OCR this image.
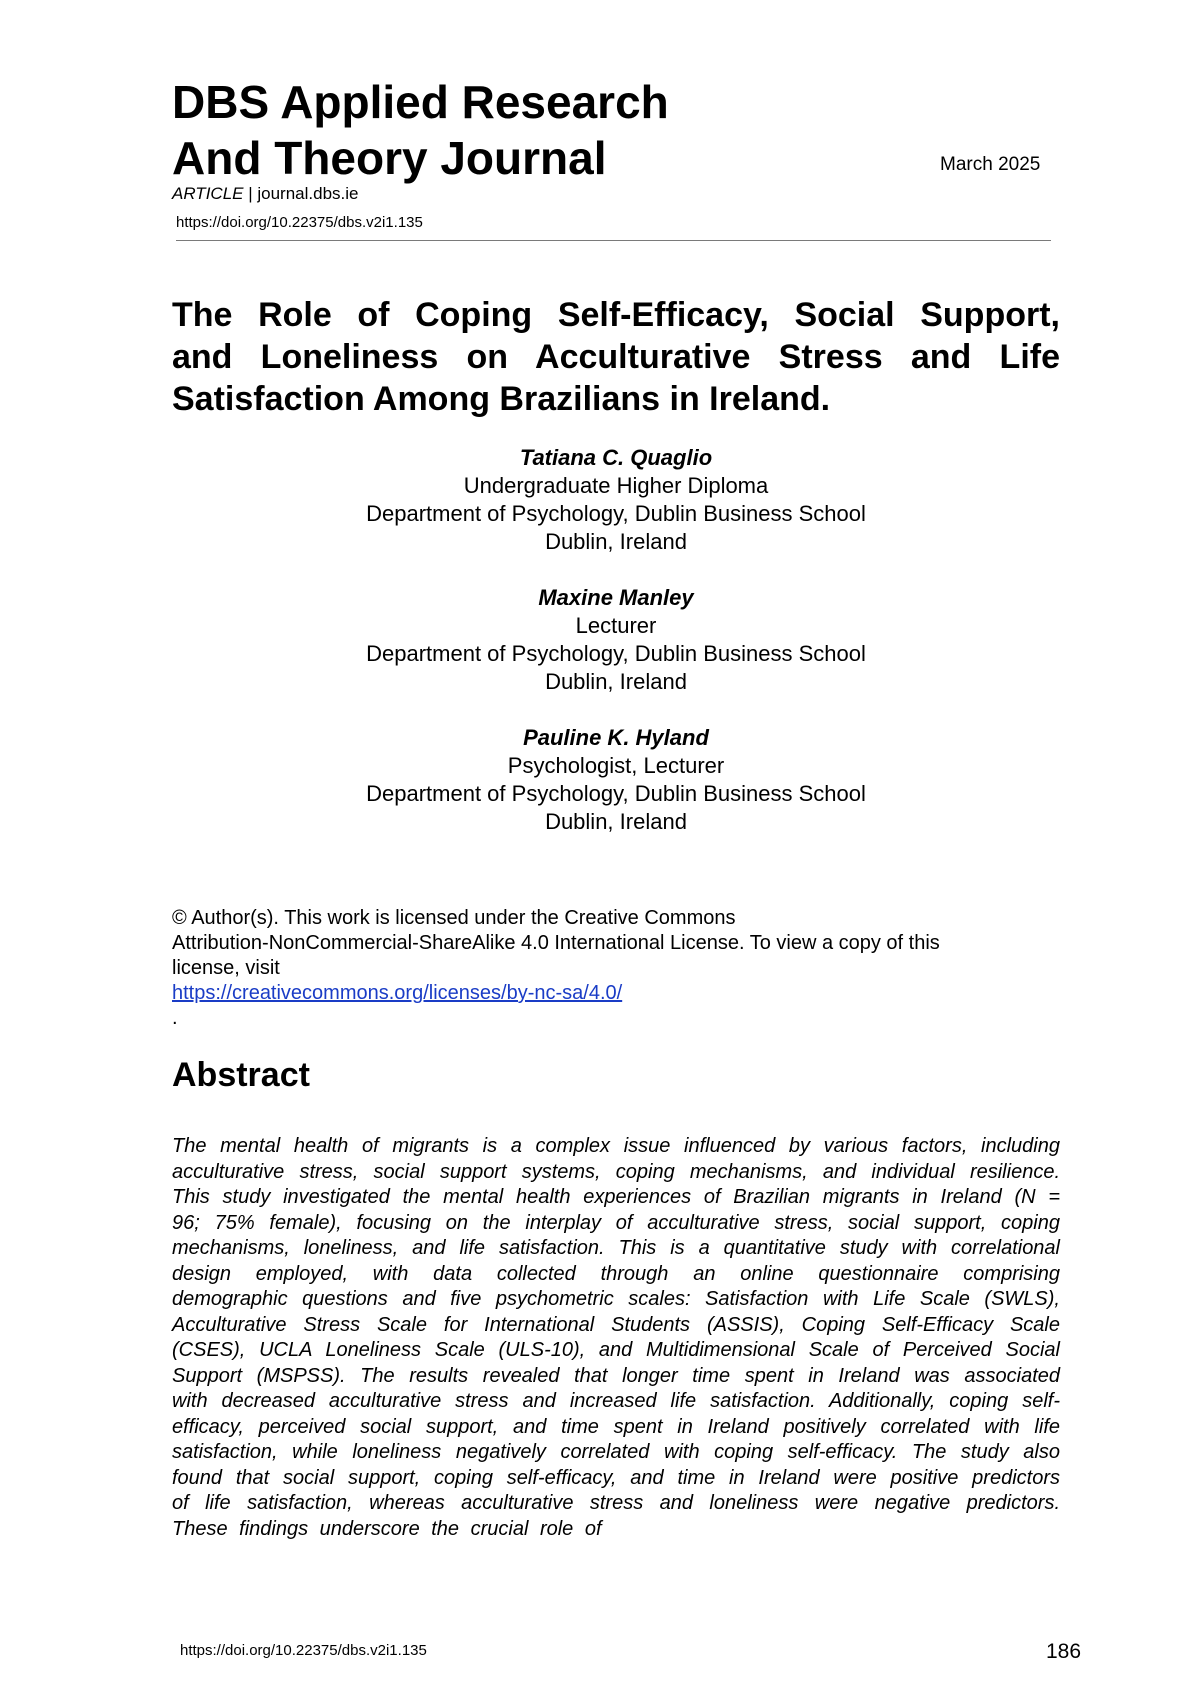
DBS Applied Research
And Theory Journal	March 2025
ARTICLE | journal.dbs.ie
https://doi.org/10.22375/dbs.v2i1.135
The Role of Coping Self-Efficacy, Social Support,
and Loneliness on Acculturative Stress and Life
Satisfaction Among Brazilians in Ireland.
Tatiana C. Quaglio
Undergraduate Higher Diploma
Department of Psychology, Dublin Business School
Dublin, Ireland
Maxine Manley
Lecturer
Department of Psychology, Dublin Business School
Dublin, Ireland
Pauline K. Hyland
Psychologist, Lecturer
Department of Psychology, Dublin Business School
Dublin, Ireland
© Author(s). This work is licensed under the Creative Commons
Attribution-NonCommercial-ShareAlike 4.0 International License. To view a copy of this
license, visit
https://creativecommons.org/licenses/by-nc-sa/4.0/
.
Abstract
The mental health of migrants is a complex issue influenced by various factors, including
acculturative stress, social support systems, coping mechanisms, and individual resilience.
This study investigated the mental health experiences of Brazilian migrants in Ireland (N =
96; 75% female), focusing on the interplay of acculturative stress, social support, coping
mechanisms, loneliness, and life satisfaction. This is a quantitative study with correlational
design employed, with data collected through an online questionnaire comprising
demographic questions and five psychometric scales: Satisfaction with Life Scale (SWLS),
Acculturative Stress Scale for International Students (ASSIS), Coping Self-Efficacy Scale
(CSES), UCLA Loneliness Scale (ULS-10), and Multidimensional Scale of Perceived Social
Support (MSPSS). The results revealed that longer time spent in Ireland was associated
with decreased acculturative stress and increased life satisfaction. Additionally, coping self-
efficacy, perceived social support, and time spent in Ireland positively correlated with life
satisfaction, while loneliness negatively correlated with coping self-efficacy. The study also
found that social support, coping self-efficacy, and time in Ireland were positive predictors
of life satisfaction, whereas acculturative stress and loneliness were negative predictors.
These findings underscore the crucial role of
https://doi.org/10.22375/dbs.v2i1.135	186
